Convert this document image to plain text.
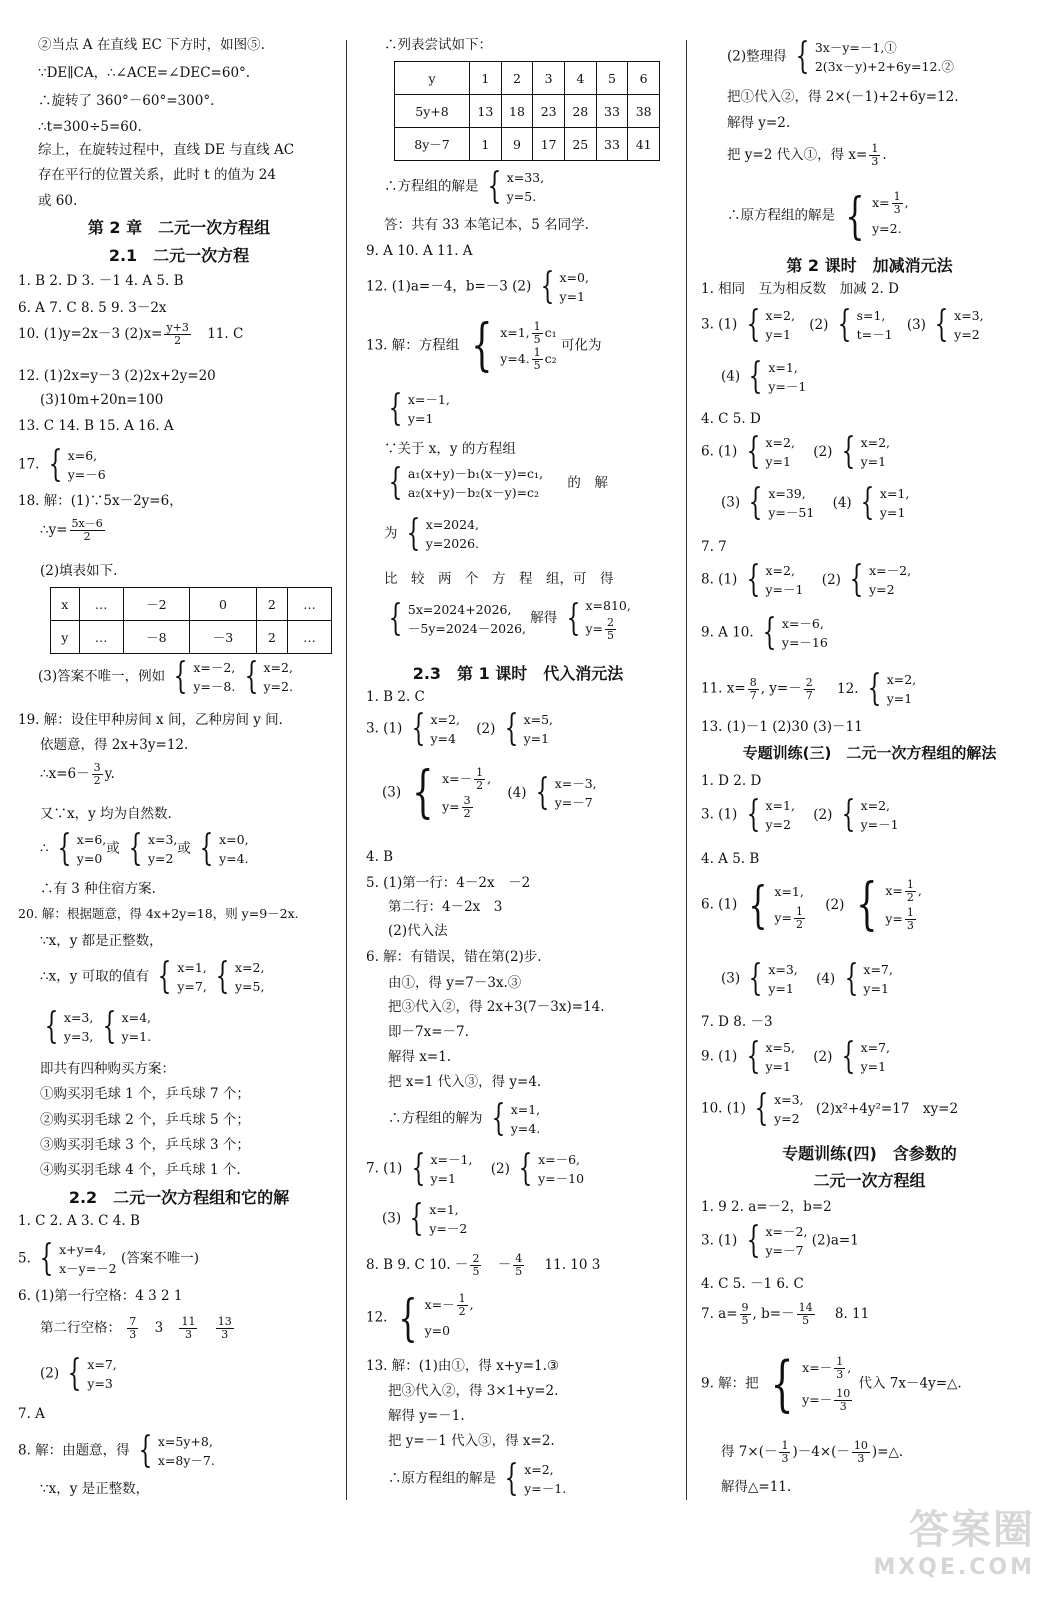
②当点 A 在直线 EC 下方时，如图⑤.
∵DE∥CA，∴∠ACE=∠DEC=60°.
∴旋转了 360°－60°=300°.
∴t=300÷5=60.
综上，在旋转过程中，直线 DE 与直线 AC
存在平行的位置关系，此时 t 的值为 24
或 60.
第 2 章　二元一次方程组
2.1　二元一次方程
1. B 2. D 3. －1 4. A 5. B
6. A 7. C 8. 5 9. 3－2x
10. (1)y=2x－3 $(2)x= \frac{y+3}{2} 11$. C
12. (1)2x=y－3 (2)2x+2y=20
(3)10m+20n=100
13. C 14. B 15. A 16. A
17. { x=6,
y=－6
18. 解：(1)∵5x－2y=6，
∴y= $\frac{5x-6}{2}$
(2)填表如下.
x	…	－2	0	2	…
y	…	－8	－3	2	…
(3)答案不唯一，例如 { x=－2,
y=－8.
{ x=2,
y=2.
19. 解：设住甲种房间 x 间，乙种房间 y 间.
依题意，得 2x+3y=12.
∴x=6－ $\frac{3}{2} y$.
又∵x，y 均为自然数.
∴ { x=6,
y=0
或 { x=3,
y=2
或 { x=0,
y=4.
∴有 3 种住宿方案.
20. 解：根据题意，得 4x+2y=18，则 y=9－2x.
∵x，y 都是正整数，
∴x，y 可取的值有 { x=1,
y=7,
{ x=2,
y=5,
{ x=3,
y=3,
{ x=4,
y=1.
即共有四种购买方案：
①购买羽毛球 1 个，乒乓球 7 个；
②购买羽毛球 2 个，乒乓球 5 个；
③购买羽毛球 3 个，乒乓球 3 个；
④购买羽毛球 4 个，乒乓球 1 个.
2.2　二元一次方程组和它的解
1. C 2. A 3. C 4. B
5. { x+y=4,
x－y=－2
(答案不唯一)
6. (1)第一行空格：4 3 2 1
第二行空格： $\frac{7}{3} 3 \frac{11}{3}$
$\frac{13}{3}$
(2) { x=7,
y=3
7. A
8. 解：由题意，得 { x=5y+8,
x=8y－7.
∵x，y 是正整数，
∴列表尝试如下：
y	1	2	3	4	5	6
5y+8	13	18	23	28	33	38
8y－7	1	9	17	25	33	41
∴方程组的解是 { x=33,
y=5.
答：共有 33 本笔记本，5 名同学.
9. A 10. A 11. A
12. (1)a=－4，b=－3 (2) { x=0,
y=1
13. 解：方程组 { x=1, $\frac{1}{5} c_1$
y=4. $\frac{1}{5} c_2$
可化为
{ x=－1,
y=1
∵关于 x，y 的方程组
{ a₁(x+y)－b₁(x－y)=c₁,
a₂(x+y)－b₂(x－y)=c₂
的　解
为 { x=2024,
y=2026.
比　较　两　个　方　程　组，可　得
{ 5x=2024+2026,
－5y=2024－2026,
解得 { x=810,
$y= \frac{2}{5}$
2.3　第 1 课时　代入消元法
1. B 2. C
3. (1) { x=2,
y=4
(2) { x=5,
y=1
(3) { $x=- \frac{1}{2}$ ,
$y= \frac{3}{2}$
(4) { x=－3,
y=－7
4. B
5. (1)第一行：4－2x　－2
第二行：4－2x　3
(2)代入法
6. 解：有错误，错在第(2)步.
由①，得 y=7－3x.③
把③代入②，得 2x+3(7－3x)=14.
即－7x=－7.
解得 x=1.
把 x=1 代入③，得 y=4.
∴方程组的解为 { x=1,
y=4.
7. (1) { x=－1,
y=1
(2) { x=－6,
y=－10
(3) { x=1,
y=－2
8. B 9. C 10. － $\frac{2}{5} - \frac{4}{5} 11$. 10 3
12. { $x=- \frac{1}{2}$ ,
y=0
13. 解：(1)由①，得 x+y=1.③
把③代入②，得 3×1+y=2.
解得 y=－1.
把 y=－1 代入③，得 x=2.
∴原方程组的解是 { x=2,
y=－1.
(2)整理得 { 3x－y=－1,①
2(3x－y)+2+6y=12.②
把①代入②，得 2×(－1)+2+6y=12.
解得 y=2.
把 y=2 代入①，得 $x= \frac{1}{3}$ .
∴原方程组的解是 { $x= \frac{1}{3}$ ,
y=2.
第 2 课时　加减消元法
1. 相同　互为相反数　加减 2. D
3. (1) { x=2,
y=1
(2) { s=1,
t=－1
(3) { x=3,
y=2
(4) { x=1,
y=－1
4. C 5. D
6. (1) { x=2,
y=1
(2) { x=2,
y=1
(3) { x=39,
y=－51
(4) { x=1,
y=1
7. 7
8. (1) { x=2,
y=－1
(2) { x=－2,
y=2
9. A 10. { x=－6,
y=－16
11. $x= \frac{8}{7}$ , $y=- \frac{2}{7} 12$. { x=2,
y=1
13. (1)－1 (2)30 (3)－11
专题训练(三)　二元一次方程组的解法
1. D 2. D
3. (1) { x=1,
y=2
(2) { x=2,
y=－1
4. A 5. B
6. (1) { x=1,
$y= \frac{1}{2}$
(2) { $x= \frac{1}{2}$ ,
$y= \frac{1}{3}$
(3) { x=3,
y=1
(4) { x=7,
y=1
7. D 8. －3
9. (1) { x=5,
y=1
(2) { x=7,
y=1
10. (1) { x=3,
y=2
(2)x²+4y²=17　xy=2
专题训练(四)　含参数的
二元一次方程组
1. 9 2. a=－2，b=2
3. (1) { x=－2,
y=－7
(2)a=1
4. C 5. －1 6. C
7. $a= \frac{9}{5}$ , $b=- \frac{14}{5} 8$. 11
9. 解：把 { $x=- \frac{1}{3}$ ,
$y=- \frac{10}{3}$
代入 7x－4y=△.
得 $7\times(- \frac{1}{3} )-4\times(- \frac{10}{3}$ )=△.
解得△=11.
答案圈
MXQE.COM
